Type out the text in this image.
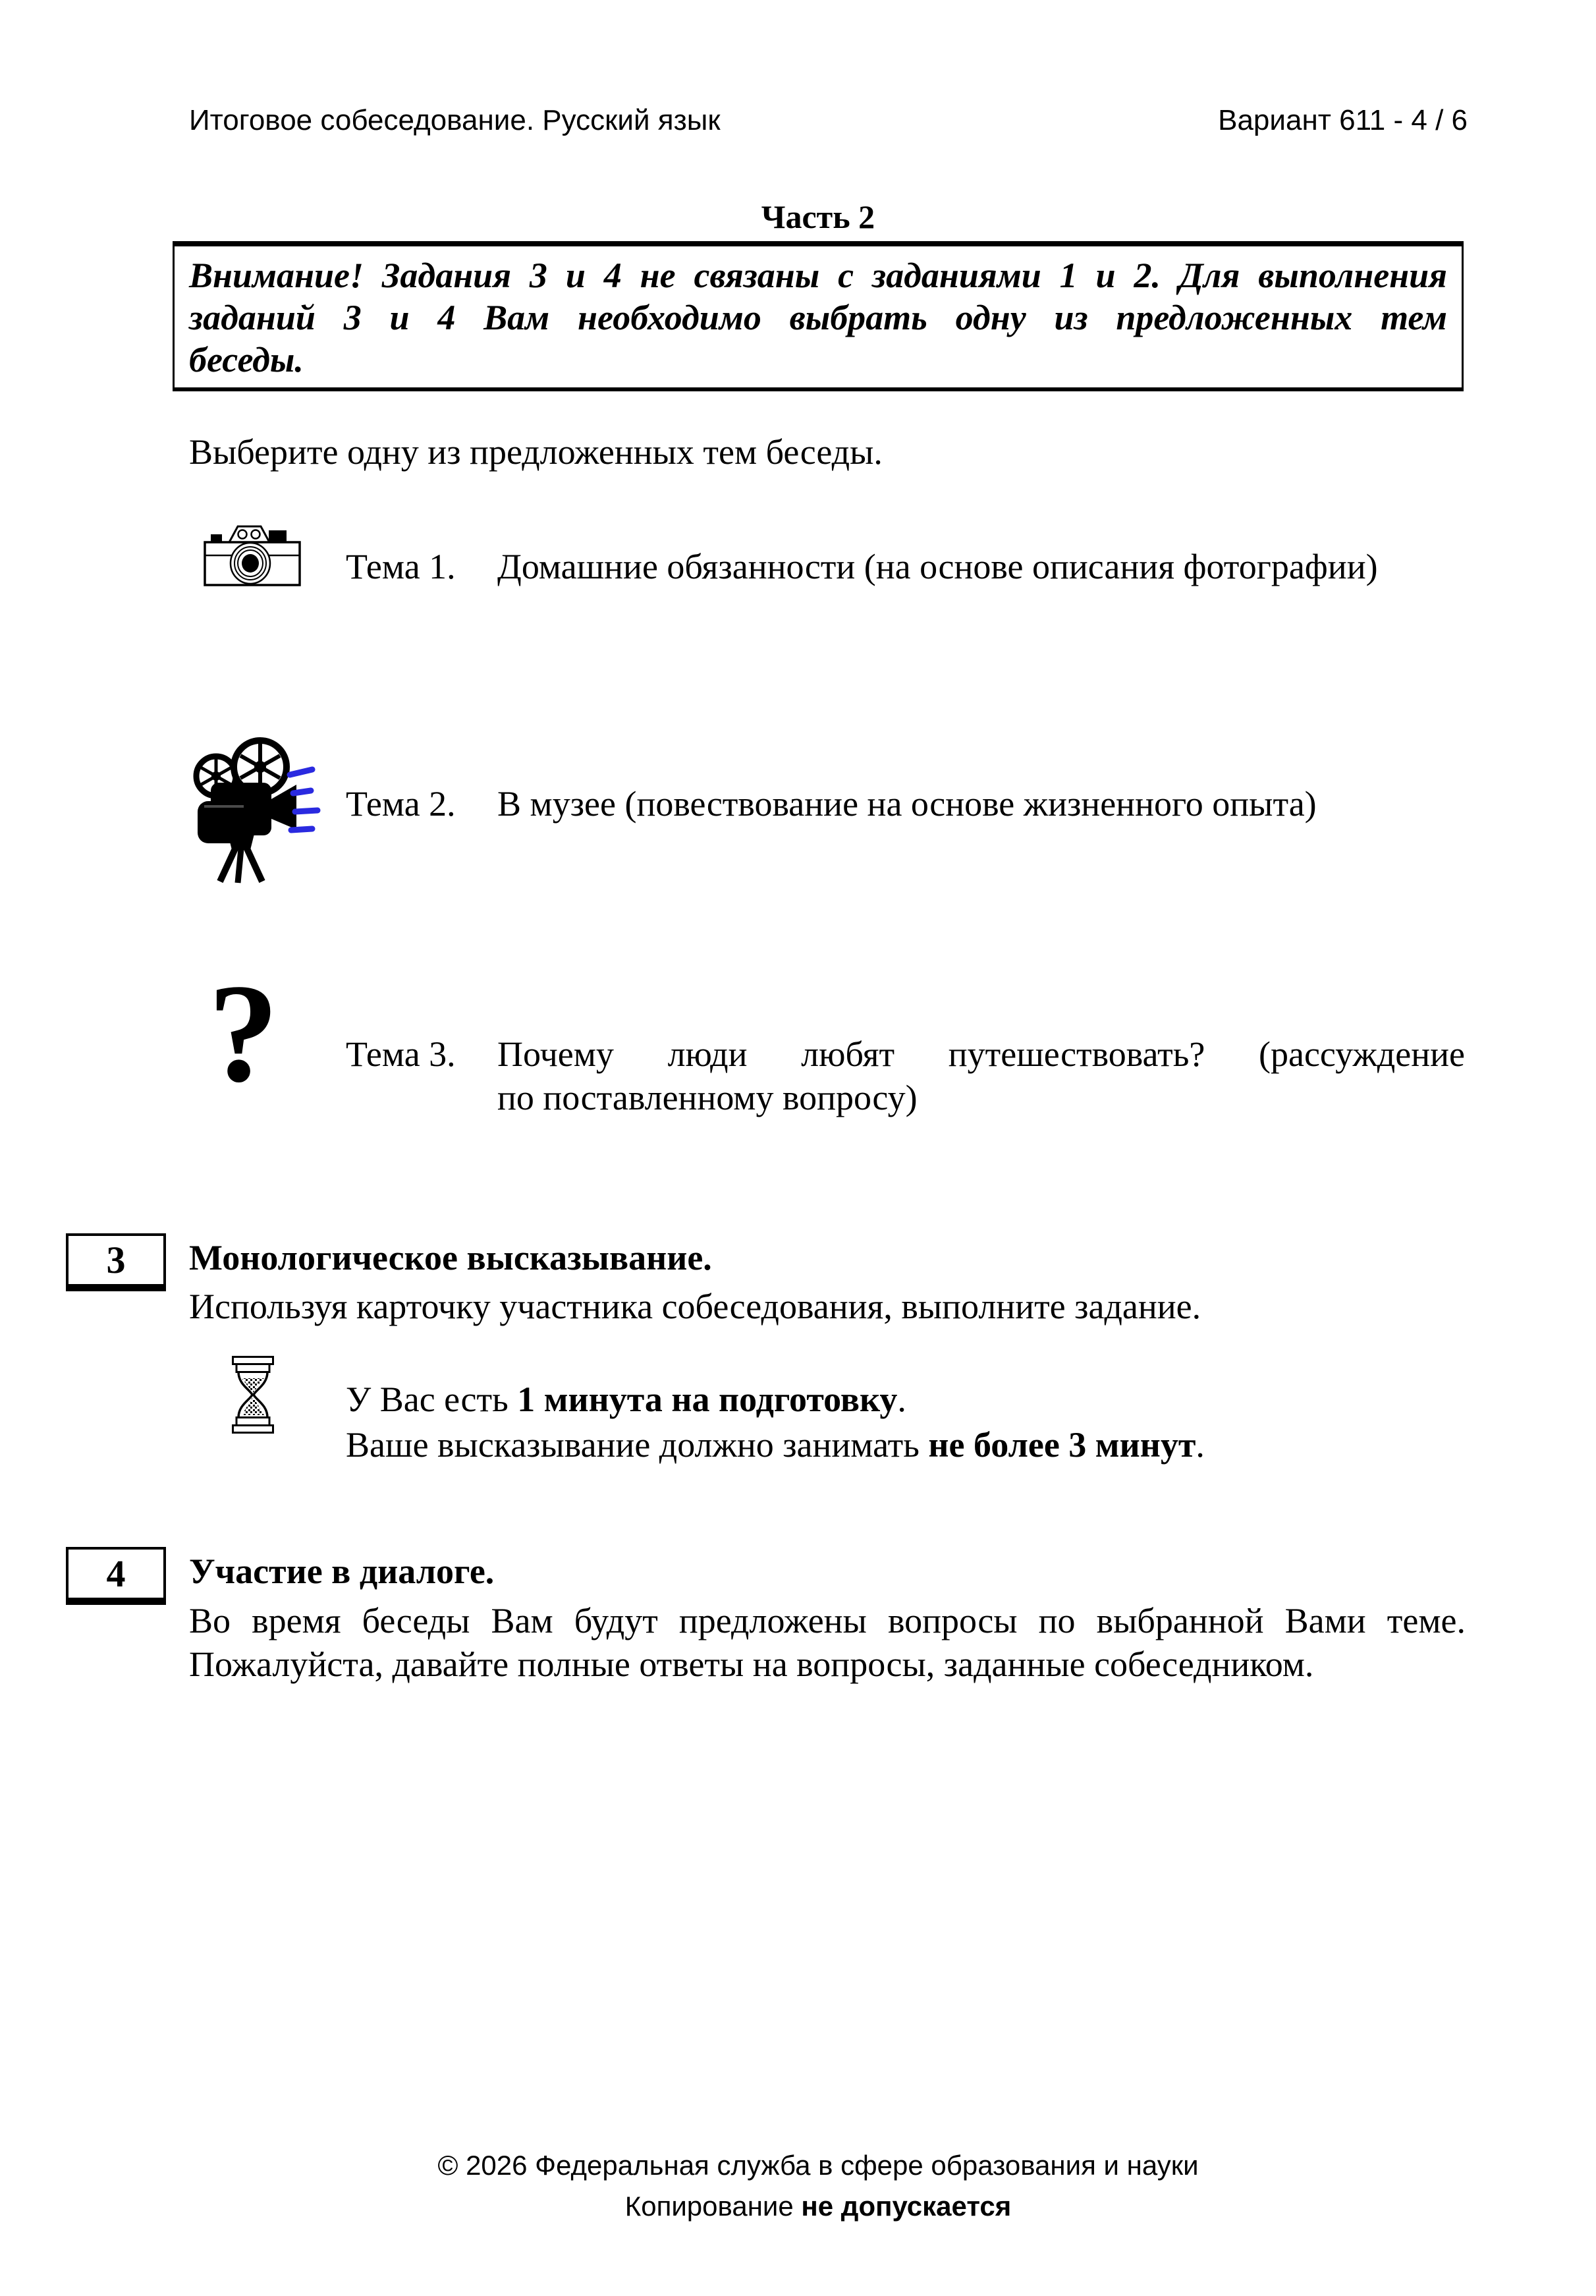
Итоговое собеседование. Русский язык	Вариант 611 - 4 / 6
Часть 2
Внимание! Задания 3 и 4 не связаны с заданиями 1 и 2. Для выполнения
заданий 3 и 4 Вам необходимо выбрать одну из предложенных тем
беседы.
Выберите одну из предложенных тем беседы.
Тема 1. Домашние обязанности (на основе описания фотографии)
Тема 2. В музее (повествование на основе жизненного опыта)
? Тема 3. Почему люди любят путешествовать? (рассуждение
по поставленному вопросу)
3 Монологическое высказывание.
Используя карточку участника собеседования, выполните задание.
У Вас есть 1 минута на подготовку.
Ваше высказывание должно занимать не более 3 минут.
4 Участие в диалоге.
Во время беседы Вам будут предложены вопросы по выбранной Вами теме.
Пожалуйста, давайте полные ответы на вопросы, заданные собеседником.
© 2026 Федеральная служба в сфере образования и науки
Копирование не допускается
